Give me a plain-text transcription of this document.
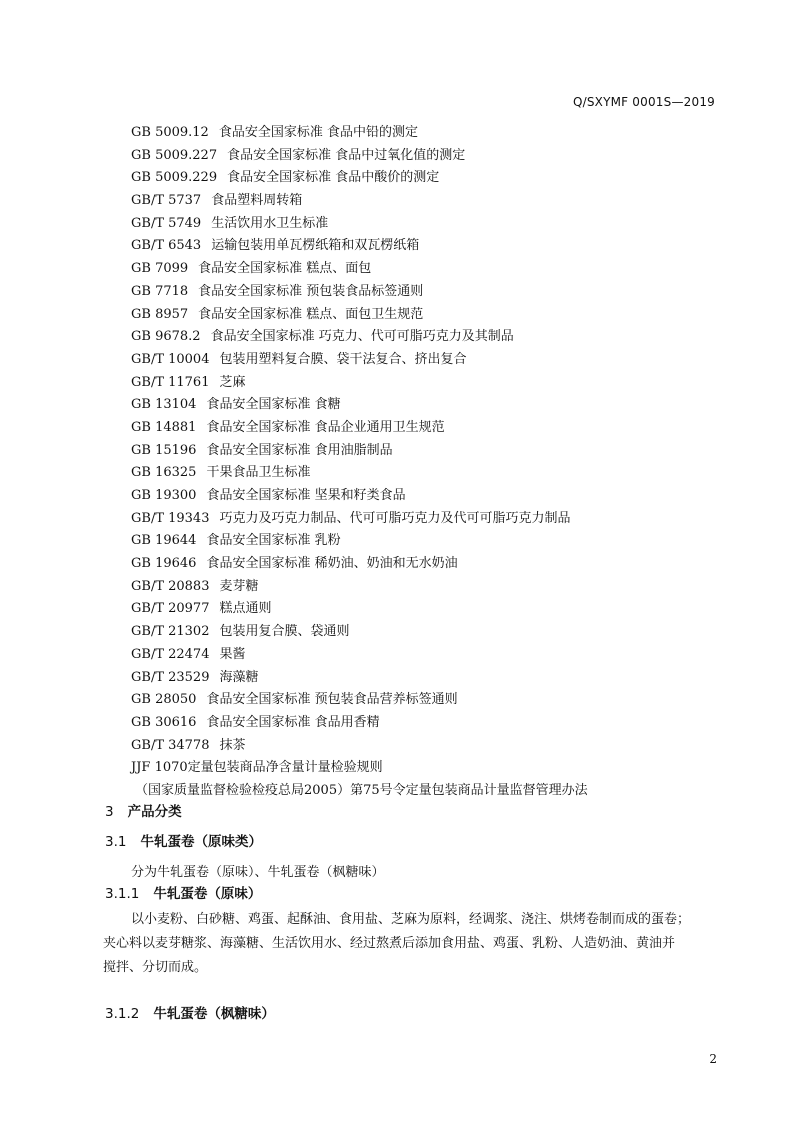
Q/SXYMF 0001S—2019
GB 5009.12 食品安全国家标准 食品中铅的测定
GB 5009.227 食品安全国家标准 食品中过氧化值的测定
GB 5009.229 食品安全国家标准 食品中酸价的测定
GB/T 5737 食品塑料周转箱
GB/T 5749 生活饮用水卫生标准
GB/T 6543 运输包装用单瓦楞纸箱和双瓦楞纸箱
GB 7099 食品安全国家标准 糕点、面包
GB 7718 食品安全国家标准 预包装食品标签通则
GB 8957 食品安全国家标准 糕点、面包卫生规范
GB 9678.2 食品安全国家标准 巧克力、代可可脂巧克力及其制品
GB/T 10004 包装用塑料复合膜、袋干法复合、挤出复合
GB/T 11761 芝麻
GB 13104 食品安全国家标准 食糖
GB 14881 食品安全国家标准 食品企业通用卫生规范
GB 15196 食品安全国家标准 食用油脂制品
GB 16325 干果食品卫生标准
GB 19300 食品安全国家标准 坚果和籽类食品
GB/T 19343 巧克力及巧克力制品、代可可脂巧克力及代可可脂巧克力制品
GB 19644 食品安全国家标准 乳粉
GB 19646 食品安全国家标准 稀奶油、奶油和无水奶油
GB/T 20883 麦芽糖
GB/T 20977 糕点通则
GB/T 21302 包装用复合膜、袋通则
GB/T 22474 果酱
GB/T 23529 海藻糖
GB 28050 食品安全国家标准 预包装食品营养标签通则
GB 30616 食品安全国家标准 食品用香精
GB/T 34778 抹茶
JJF 1070定量包装商品净含量计量检验规则
（国家质量监督检验检疫总局2005）第75号令定量包装商品计量监督管理办法
3 产品分类
3.1 牛轧蛋卷（原味类）
分为牛轧蛋卷（原味）、牛轧蛋卷（枫糖味）
3.1.1 牛轧蛋卷（原味）
以小麦粉、白砂糖、鸡蛋、起酥油、食用盐、芝麻为原料，经调浆、浇注、烘烤卷制而成的蛋卷；
夹心料以麦芽糖浆、海藻糖、生活饮用水、经过熬煮后添加食用盐、鸡蛋、乳粉、人造奶油、黄油并
搅拌、分切而成。
3.1.2 牛轧蛋卷（枫糖味）
2
